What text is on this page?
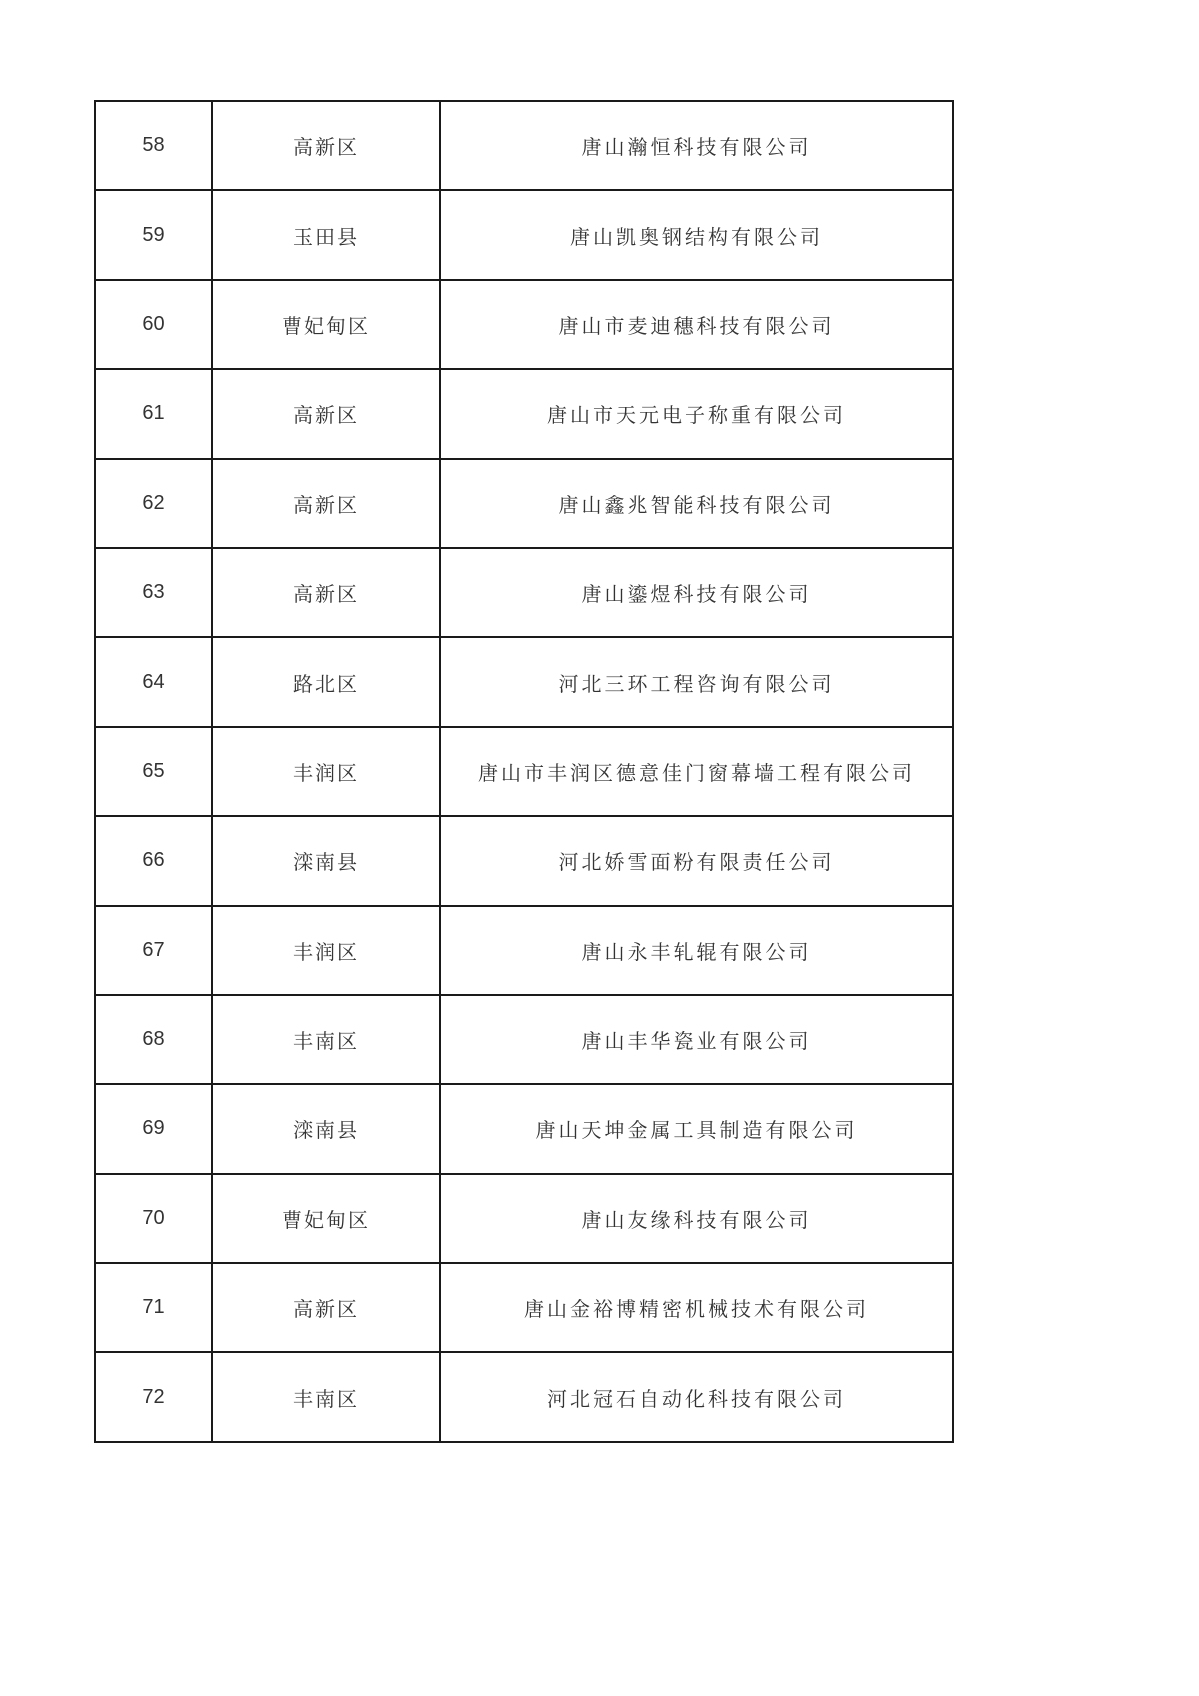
58	高新区	唐山瀚恒科技有限公司
59	玉田县	唐山凯奥钢结构有限公司
60	曹妃甸区	唐山市麦迪穗科技有限公司
61	高新区	唐山市天元电子称重有限公司
62	高新区	唐山鑫兆智能科技有限公司
63	高新区	唐山鎏煜科技有限公司
64	路北区	河北三环工程咨询有限公司
65	丰润区	唐山市丰润区德意佳门窗幕墙工程有限公司
66	滦南县	河北娇雪面粉有限责任公司
67	丰润区	唐山永丰轧辊有限公司
68	丰南区	唐山丰华瓷业有限公司
69	滦南县	唐山天坤金属工具制造有限公司
70	曹妃甸区	唐山友缘科技有限公司
71	高新区	唐山金裕博精密机械技术有限公司
72	丰南区	河北冠石自动化科技有限公司
